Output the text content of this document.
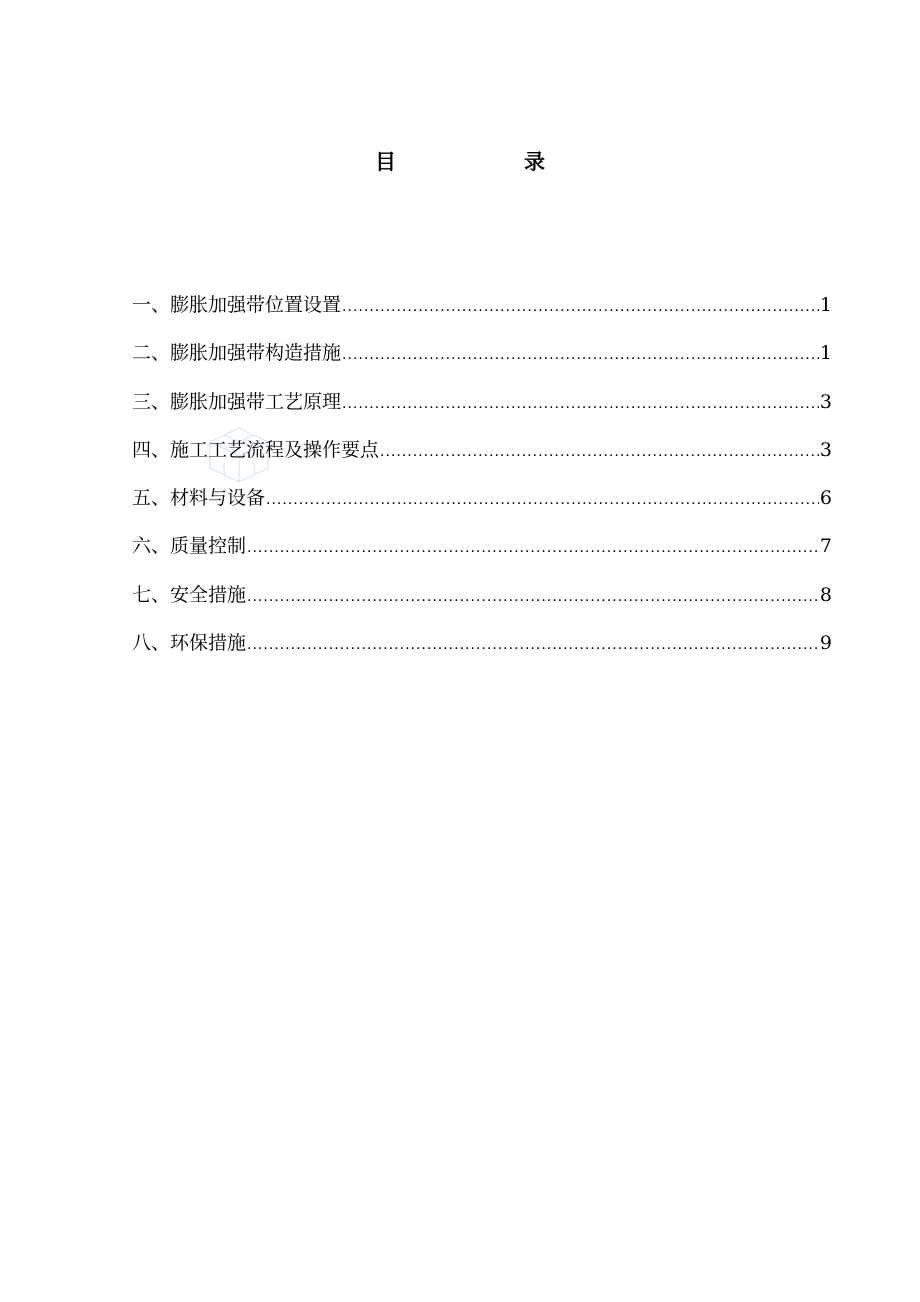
目	录
一、膨胀加强带位置设置 .....	1
二、膨胀加强带构造措施 .....	1
三、膨胀加强带工艺原理 .....	3
四、施工工艺流程及操作要点 .....	3
五、材料与设备 .....	6
六、质量控制 .....	7
七、安全措施 .....	8
八、环保措施 .....	9
